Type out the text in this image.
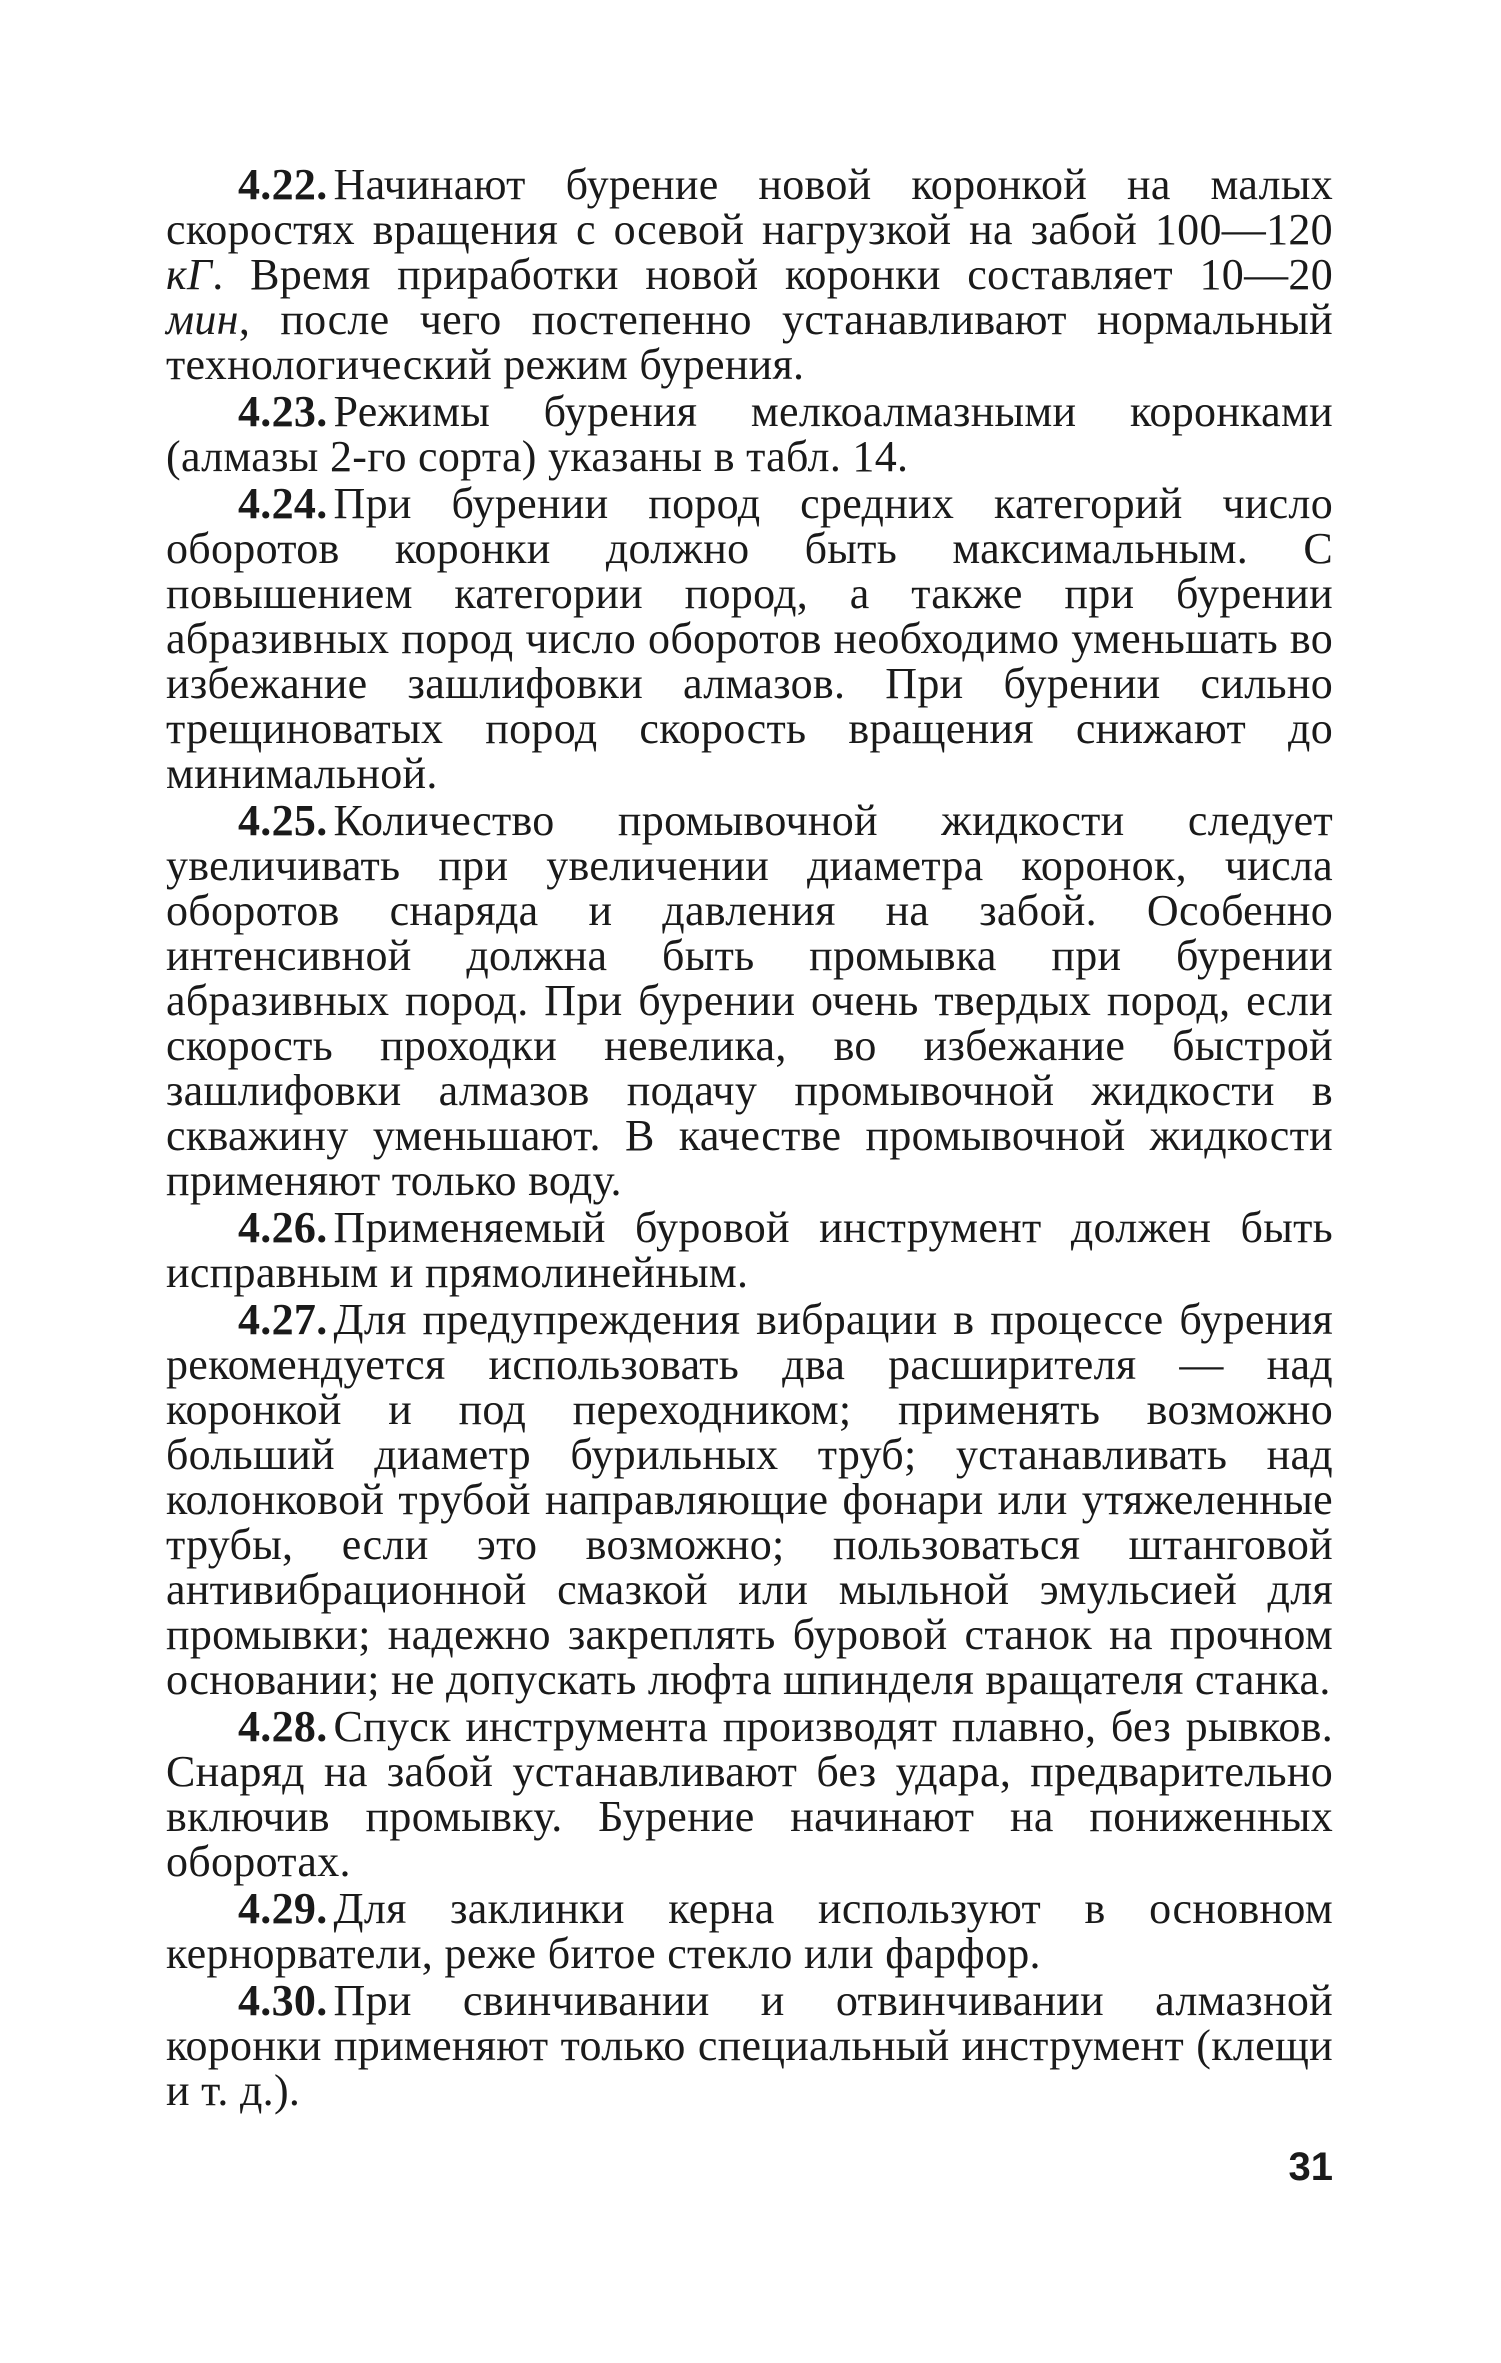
4.22. Начинают бурение новой коронкой на малых скоростях вращения с осевой нагрузкой на забой 100—120 кГ. Время приработки новой коронки составляет 10—20 мин, после чего постепенно устанавливают нормальный технологический режим бурения.

4.23. Режимы бурения мелкоалмазными коронками (алмазы 2-го сорта) указаны в табл. 14.

4.24. При бурении пород средних категорий число оборотов коронки должно быть максимальным. С повышением категории пород, а также при бурении абразивных пород число оборотов необходимо уменьшать во избежание зашлифовки алмазов. При бурении сильно трещиноватых пород скорость вращения снижают до минимальной.

4.25. Количество промывочной жидкости следует увеличивать при увеличении диаметра коронок, числа оборотов снаряда и давления на забой. Особенно интенсивной должна быть промывка при бурении абразивных пород. При бурении очень твердых пород, если скорость проходки невелика, во избежание быстрой зашлифовки алмазов подачу промывочной жидкости в скважину уменьшают. В качестве промывочной жидкости применяют только воду.

4.26. Применяемый буровой инструмент должен быть исправным и прямолинейным.

4.27. Для предупреждения вибрации в процессе бурения рекомендуется использовать два расширителя — над коронкой и под переходником; применять возможно больший диаметр бурильных труб; устанавливать над колонковой трубой направляющие фонари или утяжеленные трубы, если это возможно; пользоваться штанговой антивибрационной смазкой или мыльной эмульсией для промывки; надежно закреплять буровой станок на прочном основании; не допускать люфта шпинделя вращателя станка.

4.28. Спуск инструмента производят плавно, без рывков. Снаряд на забой устанавливают без удара, предварительно включив промывку. Бурение начинают на пониженных оборотах.

4.29. Для заклинки керна используют в основном кернорватели, реже битое стекло или фарфор.

4.30. При свинчивании и отвинчивании алмазной коронки применяют только специальный инструмент (клещи и т. д.).

31
